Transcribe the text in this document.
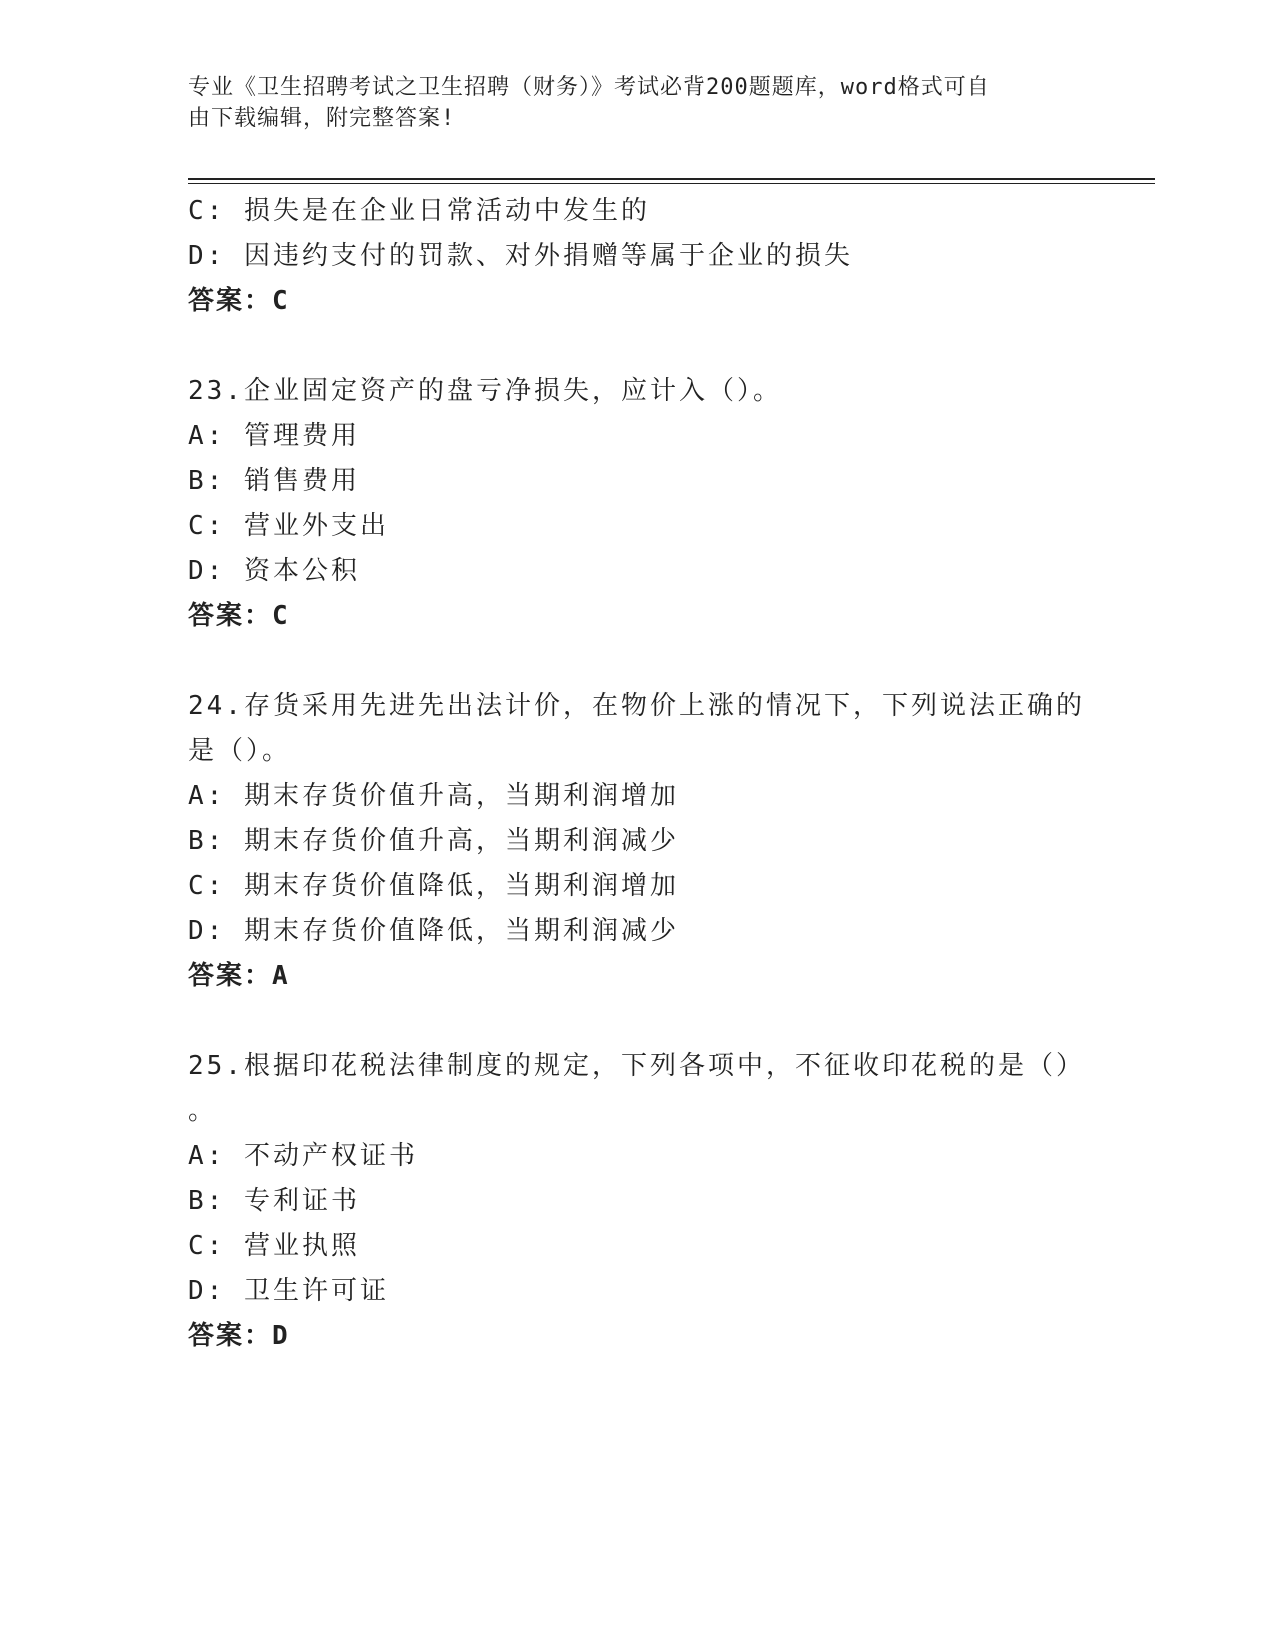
专业《卫生招聘考试之卫生招聘（财务）》考试必背200题题库，word格式可自
由下载编辑，附完整答案!
C: 损失是在企业日常活动中发生的
D: 因违约支付的罚款、对外捐赠等属于企业的损失
答案：C
23.企业固定资产的盘亏净损失，应计入（）。
A: 管理费用
B: 销售费用
C: 营业外支出
D: 资本公积
答案：C
24.存货采用先进先出法计价，在物价上涨的情况下，下列说法正确的
是（）。
A: 期末存货价值升高，当期利润增加
B: 期末存货价值升高，当期利润减少
C: 期末存货价值降低，当期利润增加
D: 期末存货价值降低，当期利润减少
答案：A
25.根据印花税法律制度的规定，下列各项中，不征收印花税的是（）
。
A: 不动产权证书
B: 专利证书
C: 营业执照
D: 卫生许可证
答案：D
